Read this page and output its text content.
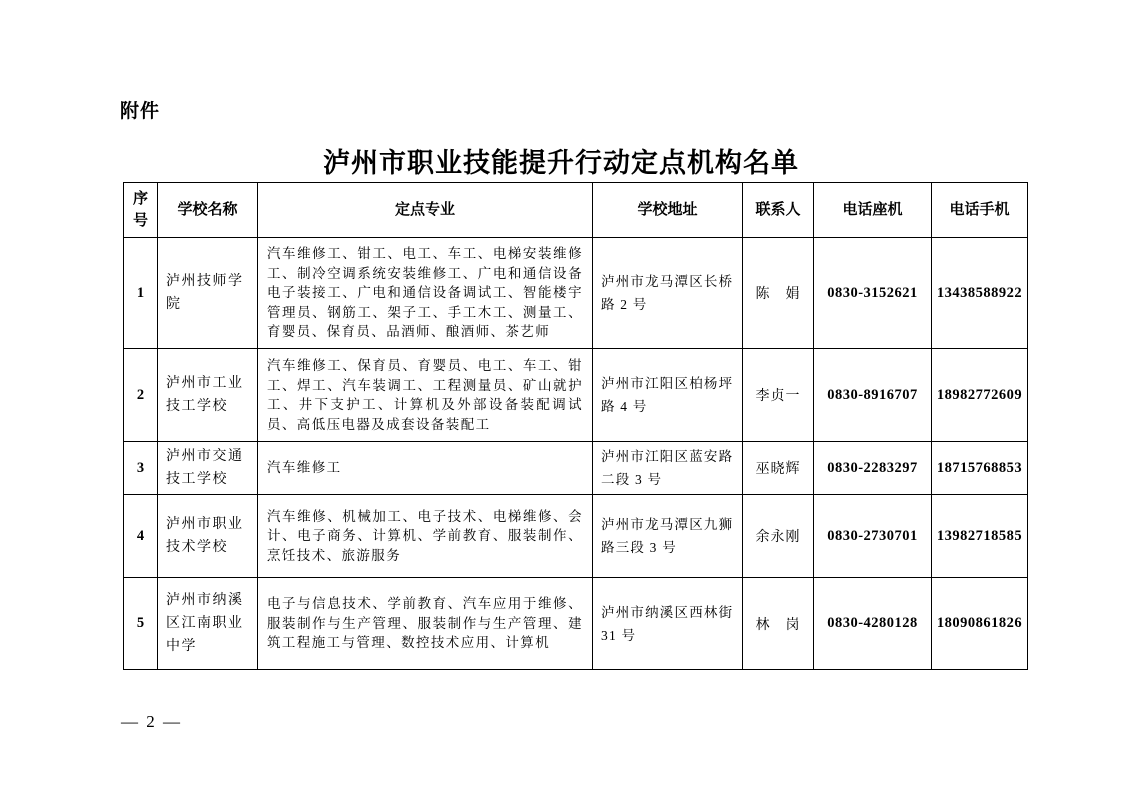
附件
泸州市职业技能提升行动定点机构名单
序号	学校名称	定点专业	学校地址	联系人	电话座机	电话手机
1	泸州技师学院	汽车维修工、钳工、电工、车工、电梯安装维修工、制冷空调系统安装维修工、广电和通信设备电子装接工、广电和通信设备调试工、智能楼宇管理员、钢筋工、架子工、手工木工、测量工、育婴员、保育员、品酒师、酿酒师、茶艺师	泸州市龙马潭区长桥路 2 号	陈　娟	0830-3152621	13438588922
2	泸州市工业技工学校	汽车维修工、保育员、育婴员、电工、车工、钳工、焊工、汽车装调工、工程测量员、矿山就护工、井下支护工、计算机及外部设备装配调试员、高低压电器及成套设备装配工	泸州市江阳区柏杨坪路 4 号	李贞一	0830-8916707	18982772609
3	泸州市交通技工学校	汽车维修工	泸州市江阳区蓝安路二段 3 号	巫晓辉	0830-2283297	18715768853
4	泸州市职业技术学校	汽车维修、机械加工、电子技术、电梯维修、会计、电子商务、计算机、学前教育、服装制作、烹饪技术、旅游服务	泸州市龙马潭区九狮路三段 3 号	余永刚	0830-2730701	13982718585
5	泸州市纳溪区江南职业中学	电子与信息技术、学前教育、汽车应用于维修、服装制作与生产管理、服装制作与生产管理、建筑工程施工与管理、数控技术应用、计算机	泸州市纳溪区西林街 31 号	林　岗	0830-4280128	18090861826
— 2 —
